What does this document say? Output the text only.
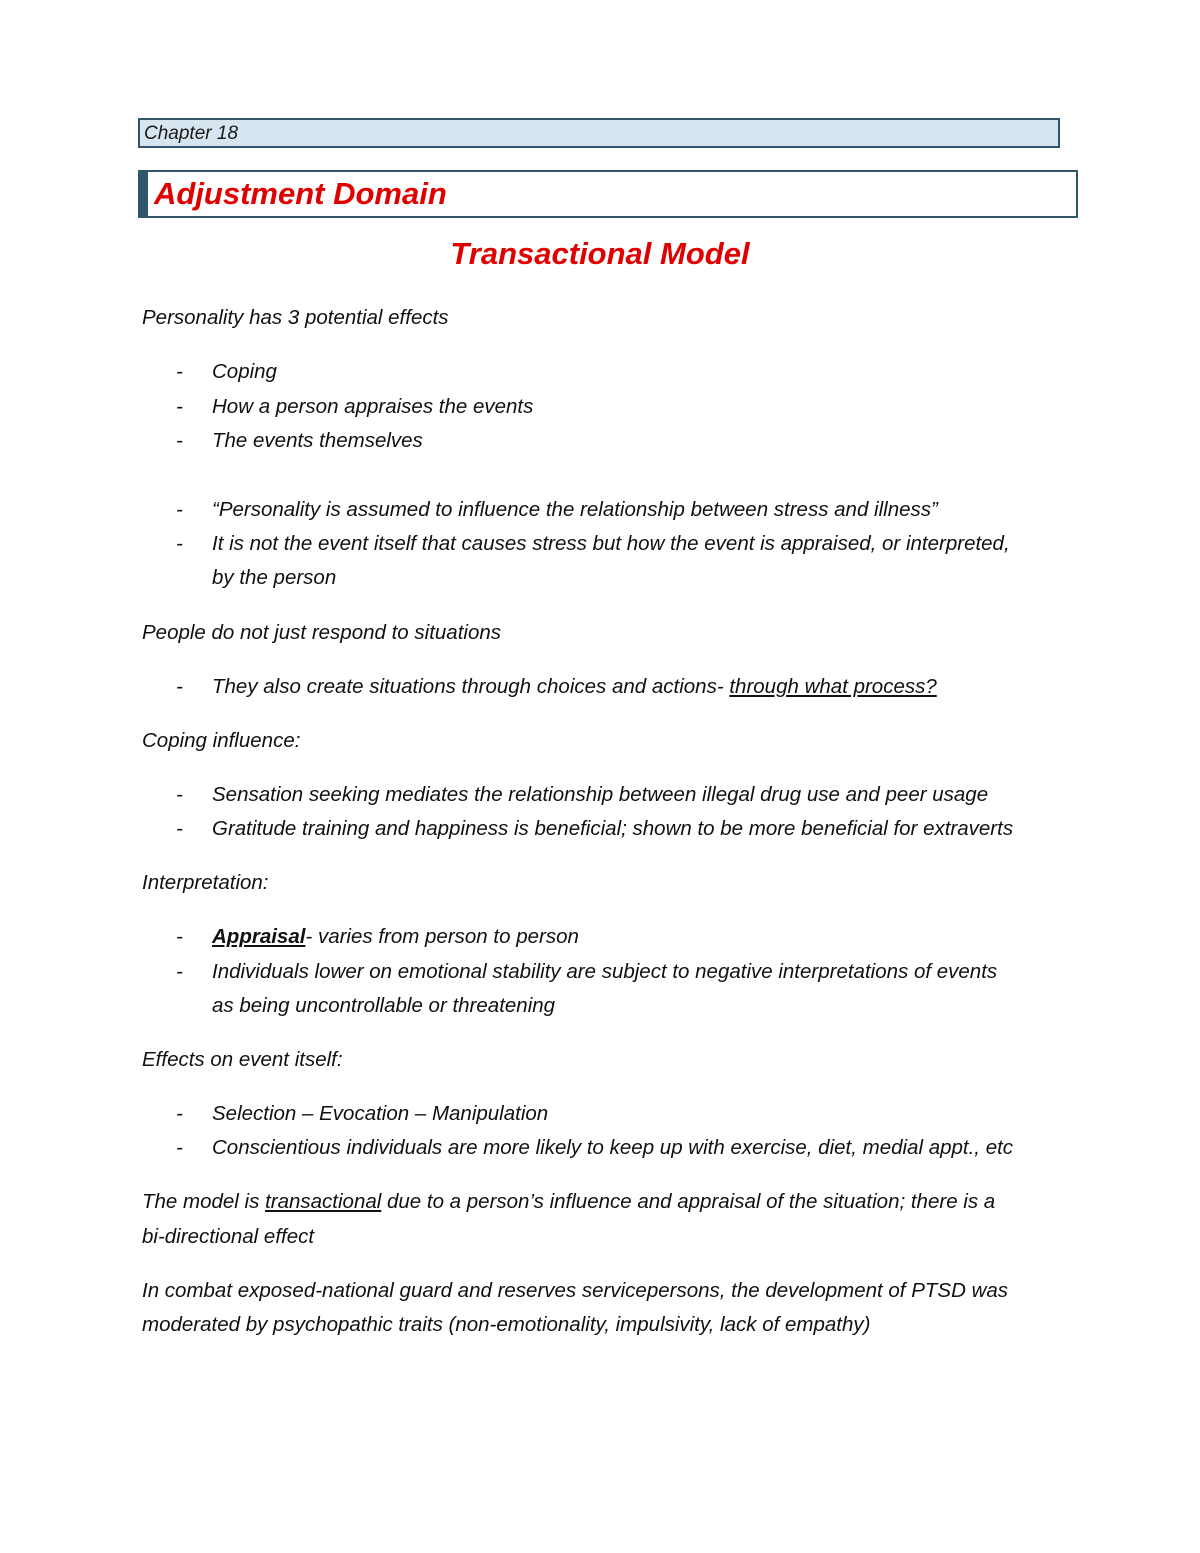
Chapter 18
Adjustment Domain
Transactional Model
Personality has 3 potential effects
- Coping
- How a person appraises the events
- The events themselves
- “Personality is assumed to influence the relationship between stress and illness”
- It is not the event itself that causes stress but how the event is appraised, or interpreted,
by the person
People do not just respond to situations
- They also create situations through choices and actions- through what process?
Coping influence:
- Sensation seeking mediates the relationship between illegal drug use and peer usage
- Gratitude training and happiness is beneficial; shown to be more beneficial for extraverts
Interpretation:
- Appraisal- varies from person to person
- Individuals lower on emotional stability are subject to negative interpretations of events
as being uncontrollable or threatening
Effects on event itself:
- Selection – Evocation – Manipulation
- Conscientious individuals are more likely to keep up with exercise, diet, medial appt., etc
The model is transactional due to a person’s influence and appraisal of the situation; there is a
bi-directional effect
In combat exposed-national guard and reserves servicepersons, the development of PTSD was
moderated by psychopathic traits (non-emotionality, impulsivity, lack of empathy)
